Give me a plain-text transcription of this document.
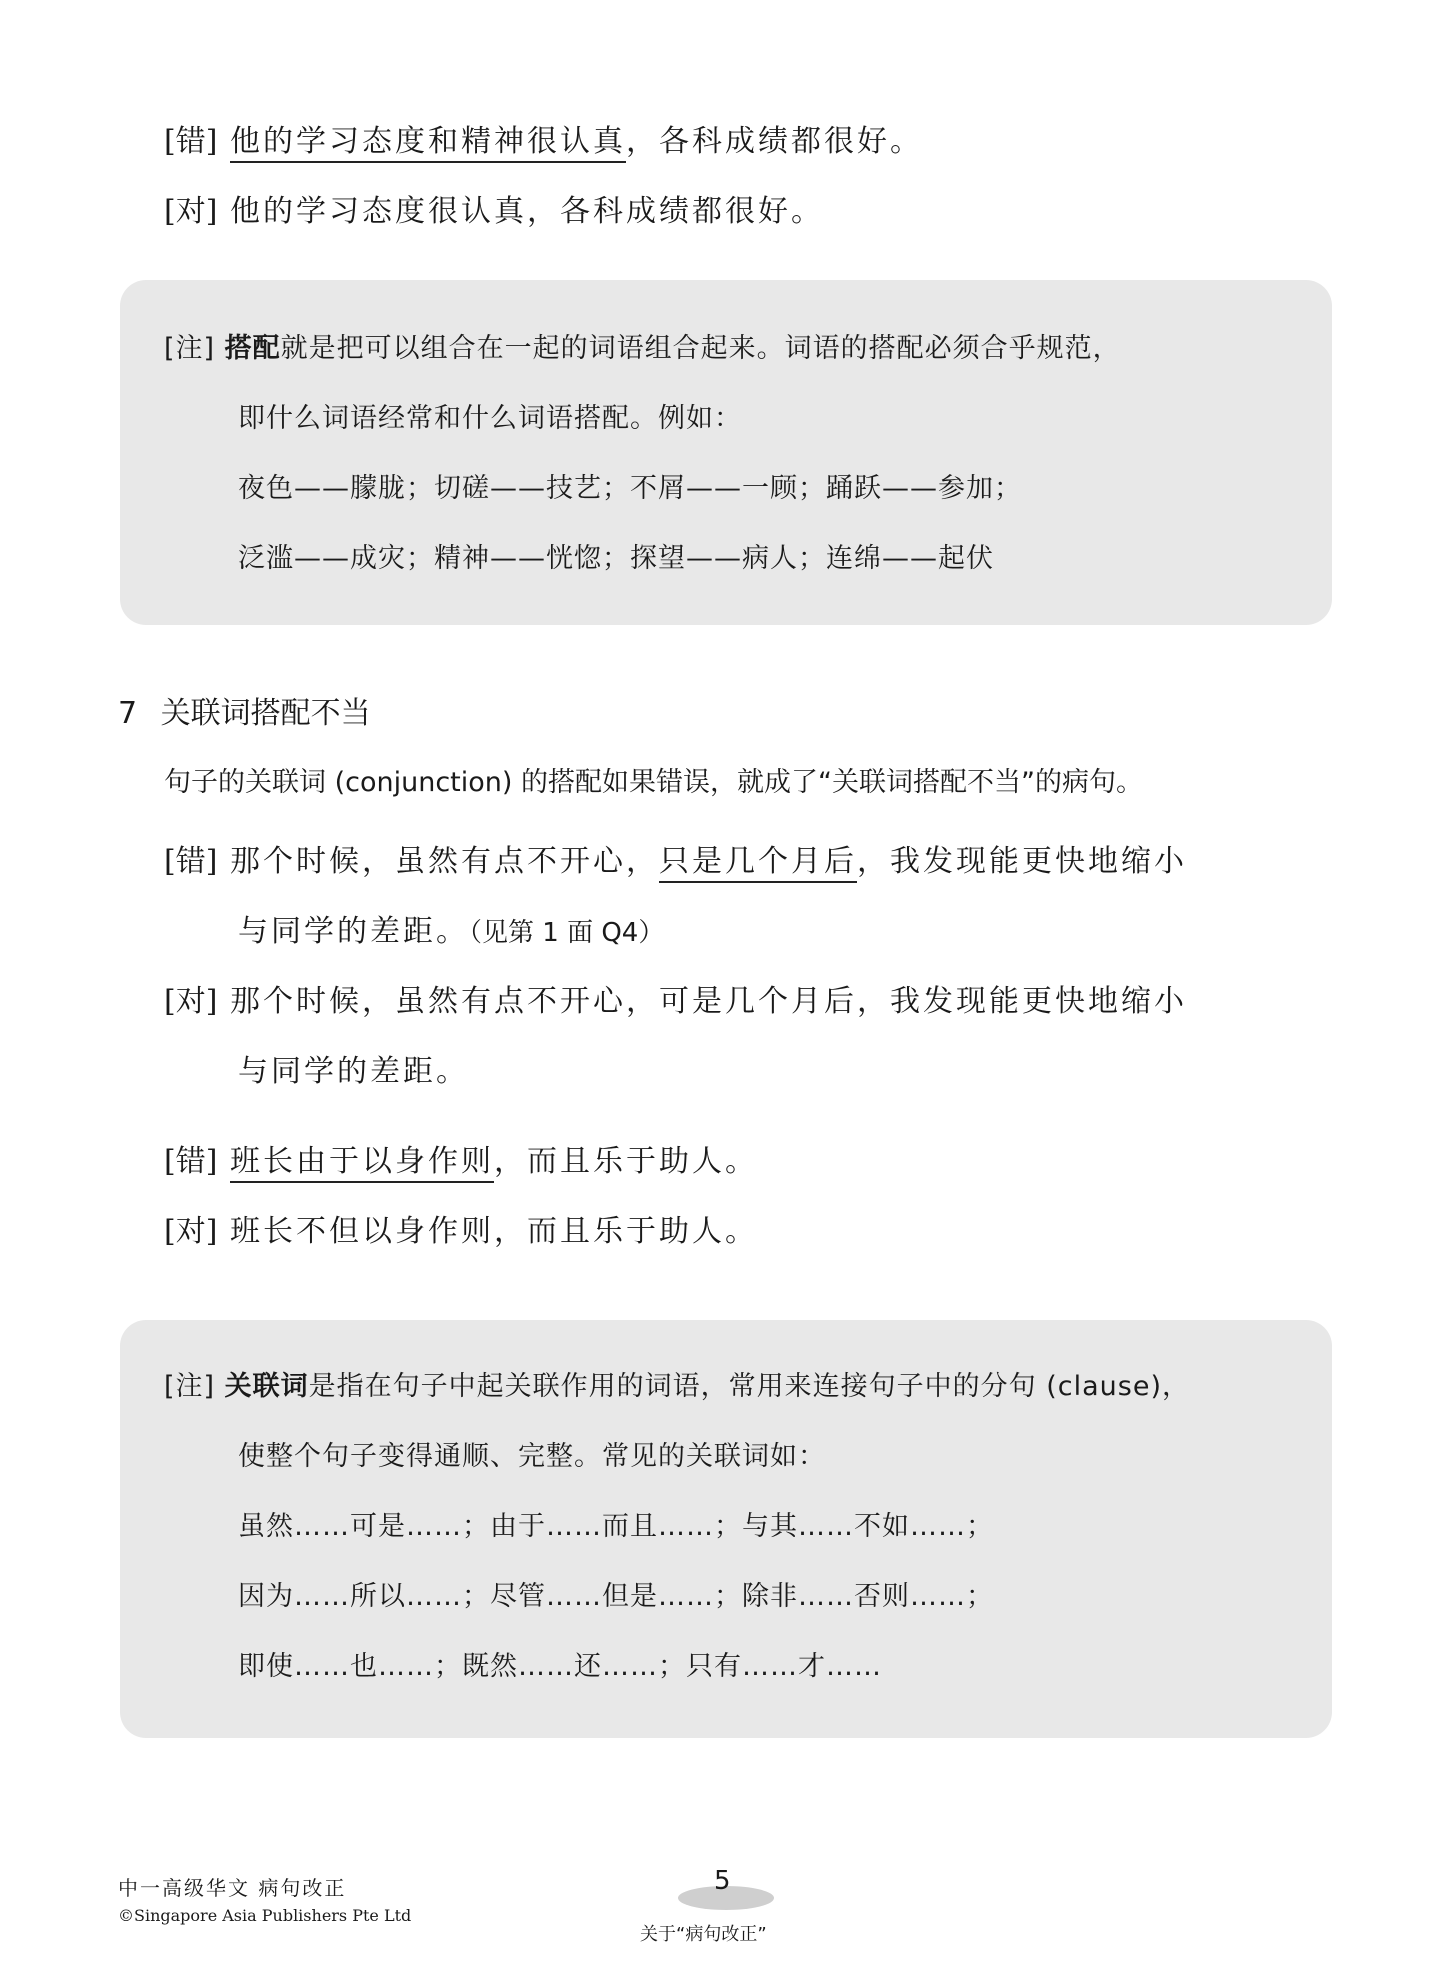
[错] 他的学习态度和精神很认真，各科成绩都很好。
[对] 他的学习态度很认真，各科成绩都很好。
[注] 搭配就是把可以组合在一起的词语组合起来。词语的搭配必须合乎规范，
即什么词语经常和什么词语搭配。例如：
夜色——朦胧；切磋——技艺；不屑——一顾；踊跃——参加；
泛滥——成灾；精神——恍惚；探望——病人；连绵——起伏
7 关联词搭配不当
句子的关联词 (conjunction) 的搭配如果错误，就成了“关联词搭配不当”的病句。
[错] 那个时候，虽然有点不开心，只是几个月后，我发现能更快地缩小
与同学的差距。（见第 1 面 Q4）
[对] 那个时候，虽然有点不开心，可是几个月后，我发现能更快地缩小
与同学的差距。
[错] 班长由于以身作则，而且乐于助人。
[对] 班长不但以身作则，而且乐于助人。
[注] 关联词是指在句子中起关联作用的词语，常用来连接句子中的分句 (clause)，
使整个句子变得通顺、完整。常见的关联词如：
虽然……可是……；由于……而且……；与其……不如……；
因为……所以……；尽管……但是……；除非……否则……；
即使……也……；既然……还……；只有……才……
中一高级华文 病句改正
©Singapore Asia Publishers Pte Ltd
5
关于“病句改正”
